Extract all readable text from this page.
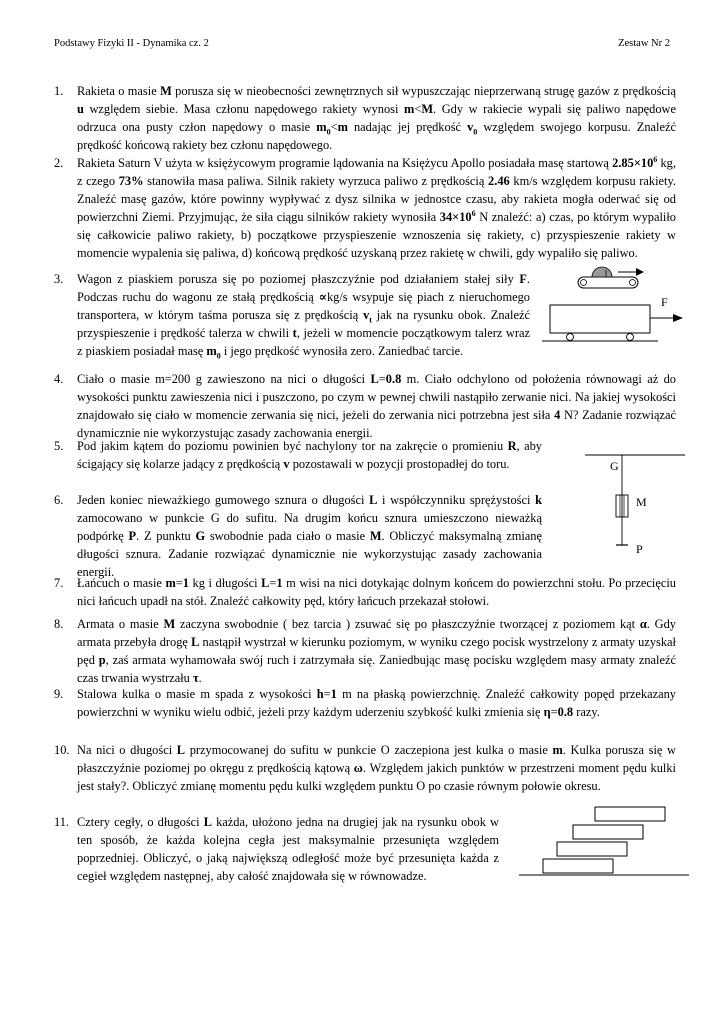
Podstawy Fizyki II - Dynamika cz. 2	Zestaw Nr 2
1. Rakieta o masie M porusza się w nieobecności zewnętrznych sił wypuszczając nieprzerwaną strugę gazów z prędkością u względem siebie. Masa członu napędowego rakiety wynosi m<M. Gdy w rakiecie wypali się paliwo napędowe odrzuca ona pusty człon napędowy o masie $m_0<m$ nadając jej prędkość $v_0$ względem swojego korpusu. Znaleźć prędkość końcową rakiety bez członu napędowego.
2. Rakieta Saturn V użyta w księżycowym programie lądowania na Księżycu Apollo posiadała masę startową $2.85\times 10^6$ kg, z czego 73% stanowiła masa paliwa. Silnik rakiety wyrzuca paliwo z prędkością 2.46 km/s względem korpusu rakiety. Znaleźć masę gazów, które powinny wypływać z dysz silnika w jednostce czasu, aby rakieta mogła oderwać się od powierzchni Ziemi. Przyjmując, że siła ciągu silników rakiety wynosiła $34\times 10^6$ N znaleźć: a) czas, po którym wypaliło się całkowicie paliwo rakiety, b) początkowe przyspieszenie wznoszenia się rakiety, c) przyspieszenie rakiety w momencie wypalenia się paliwa, d) końcową prędkość uzyskaną przez rakietę w chwili, gdy wypaliło się paliwo.
3. Wagon z piaskiem porusza się po poziomej płaszczyźnie pod działaniem stałej siły F. Podczas ruchu do wagonu ze stałą prędkością ∝kg/s wsypuje się piach z nieruchomego transportera, w którym taśma porusza się z prędkością $v_t$ jak na rysunku obok. Znaleźć przyspieszenie i prędkość talerza w chwili t, jeżeli w momencie początkowym talerz wraz z piaskiem posiadał masę $m_0$ i jego prędkość wynosiła zero. Zaniedbać tarcie.
4. Ciało o masie m=200 g zawieszono na nici o długości L=0.8 m. Ciało odchylono od położenia równowagi aż do wysokości punktu zawieszenia nici i puszczono, po czym w pewnej chwili nastąpiło zerwanie nici. Na jakiej wysokości znajdowało się ciało w momencie zerwania się nici, jeżeli do zerwania nici potrzebna jest siła 4 N? Zadanie rozwiązać dynamicznie nie wykorzystując zasady zachowania energii.
5. Pod jakim kątem do poziomu powinien być nachylony tor na zakręcie o promieniu R, aby ścigający się kolarze jadący z prędkością v pozostawali w pozycji prostopadłej do toru.
6. Jeden koniec nieważkiego gumowego sznura o długości L i współczynniku sprężystości k zamocowano w punkcie G do sufitu. Na drugim końcu sznura umieszczono nieważką podpórkę P. Z punktu G swobodnie pada ciało o masie M. Obliczyć maksymalną zmianę długości sznura. Zadanie rozwiązać dynamicznie nie wykorzystując zasady zachowania energii.
7. Łańcuch o masie m=1 kg i długości L=1 m wisi na nici dotykając dolnym końcem do powierzchni stołu. Po przecięciu nici łańcuch upadł na stół. Znaleźć całkowity pęd, który łańcuch przekazał stołowi.
8. Armata o masie M zaczyna swobodnie ( bez tarcia ) zsuwać się po płaszczyźnie tworzącej z poziomem kąt α. Gdy armata przebyła drogę L nastąpił wystrzał w kierunku poziomym, w wyniku czego pocisk wystrzelony z armaty uzyskał pęd p, zaś armata wyhamowała swój ruch i zatrzymała się. Zaniedbując masę pocisku względem masy armaty znaleźć czas trwania wystrzału τ.
9. Stalowa kulka o masie m spada z wysokości h=1 m na płaską powierzchnię. Znaleźć całkowity popęd przekazany powierzchni w wyniku wielu odbić, jeżeli przy każdym uderzeniu szybkość kulki zmienia się η=0.8 razy.
10. Na nici o długości L przymocowanej do sufitu w punkcie O zaczepiona jest kulka o masie m. Kulka porusza się w płaszczyźnie poziomej po okręgu z prędkością kątową ω. Względem jakich punktów w przestrzeni moment pędu kulki jest stały?. Obliczyć zmianę momentu pędu kulki względem punktu O po czasie równym połowie okresu.
11. Cztery cegły, o długości L każda, ułożono jedna na drugiej jak na rysunku obok w ten sposób, że każda kolejna cegła jest maksymalnie przesunięta względem poprzedniej. Obliczyć, o jaką największą odległość może być przesunięta każda z cegieł względem następnej, aby całość znajdowała się w równowadze.
F
G
M
P
